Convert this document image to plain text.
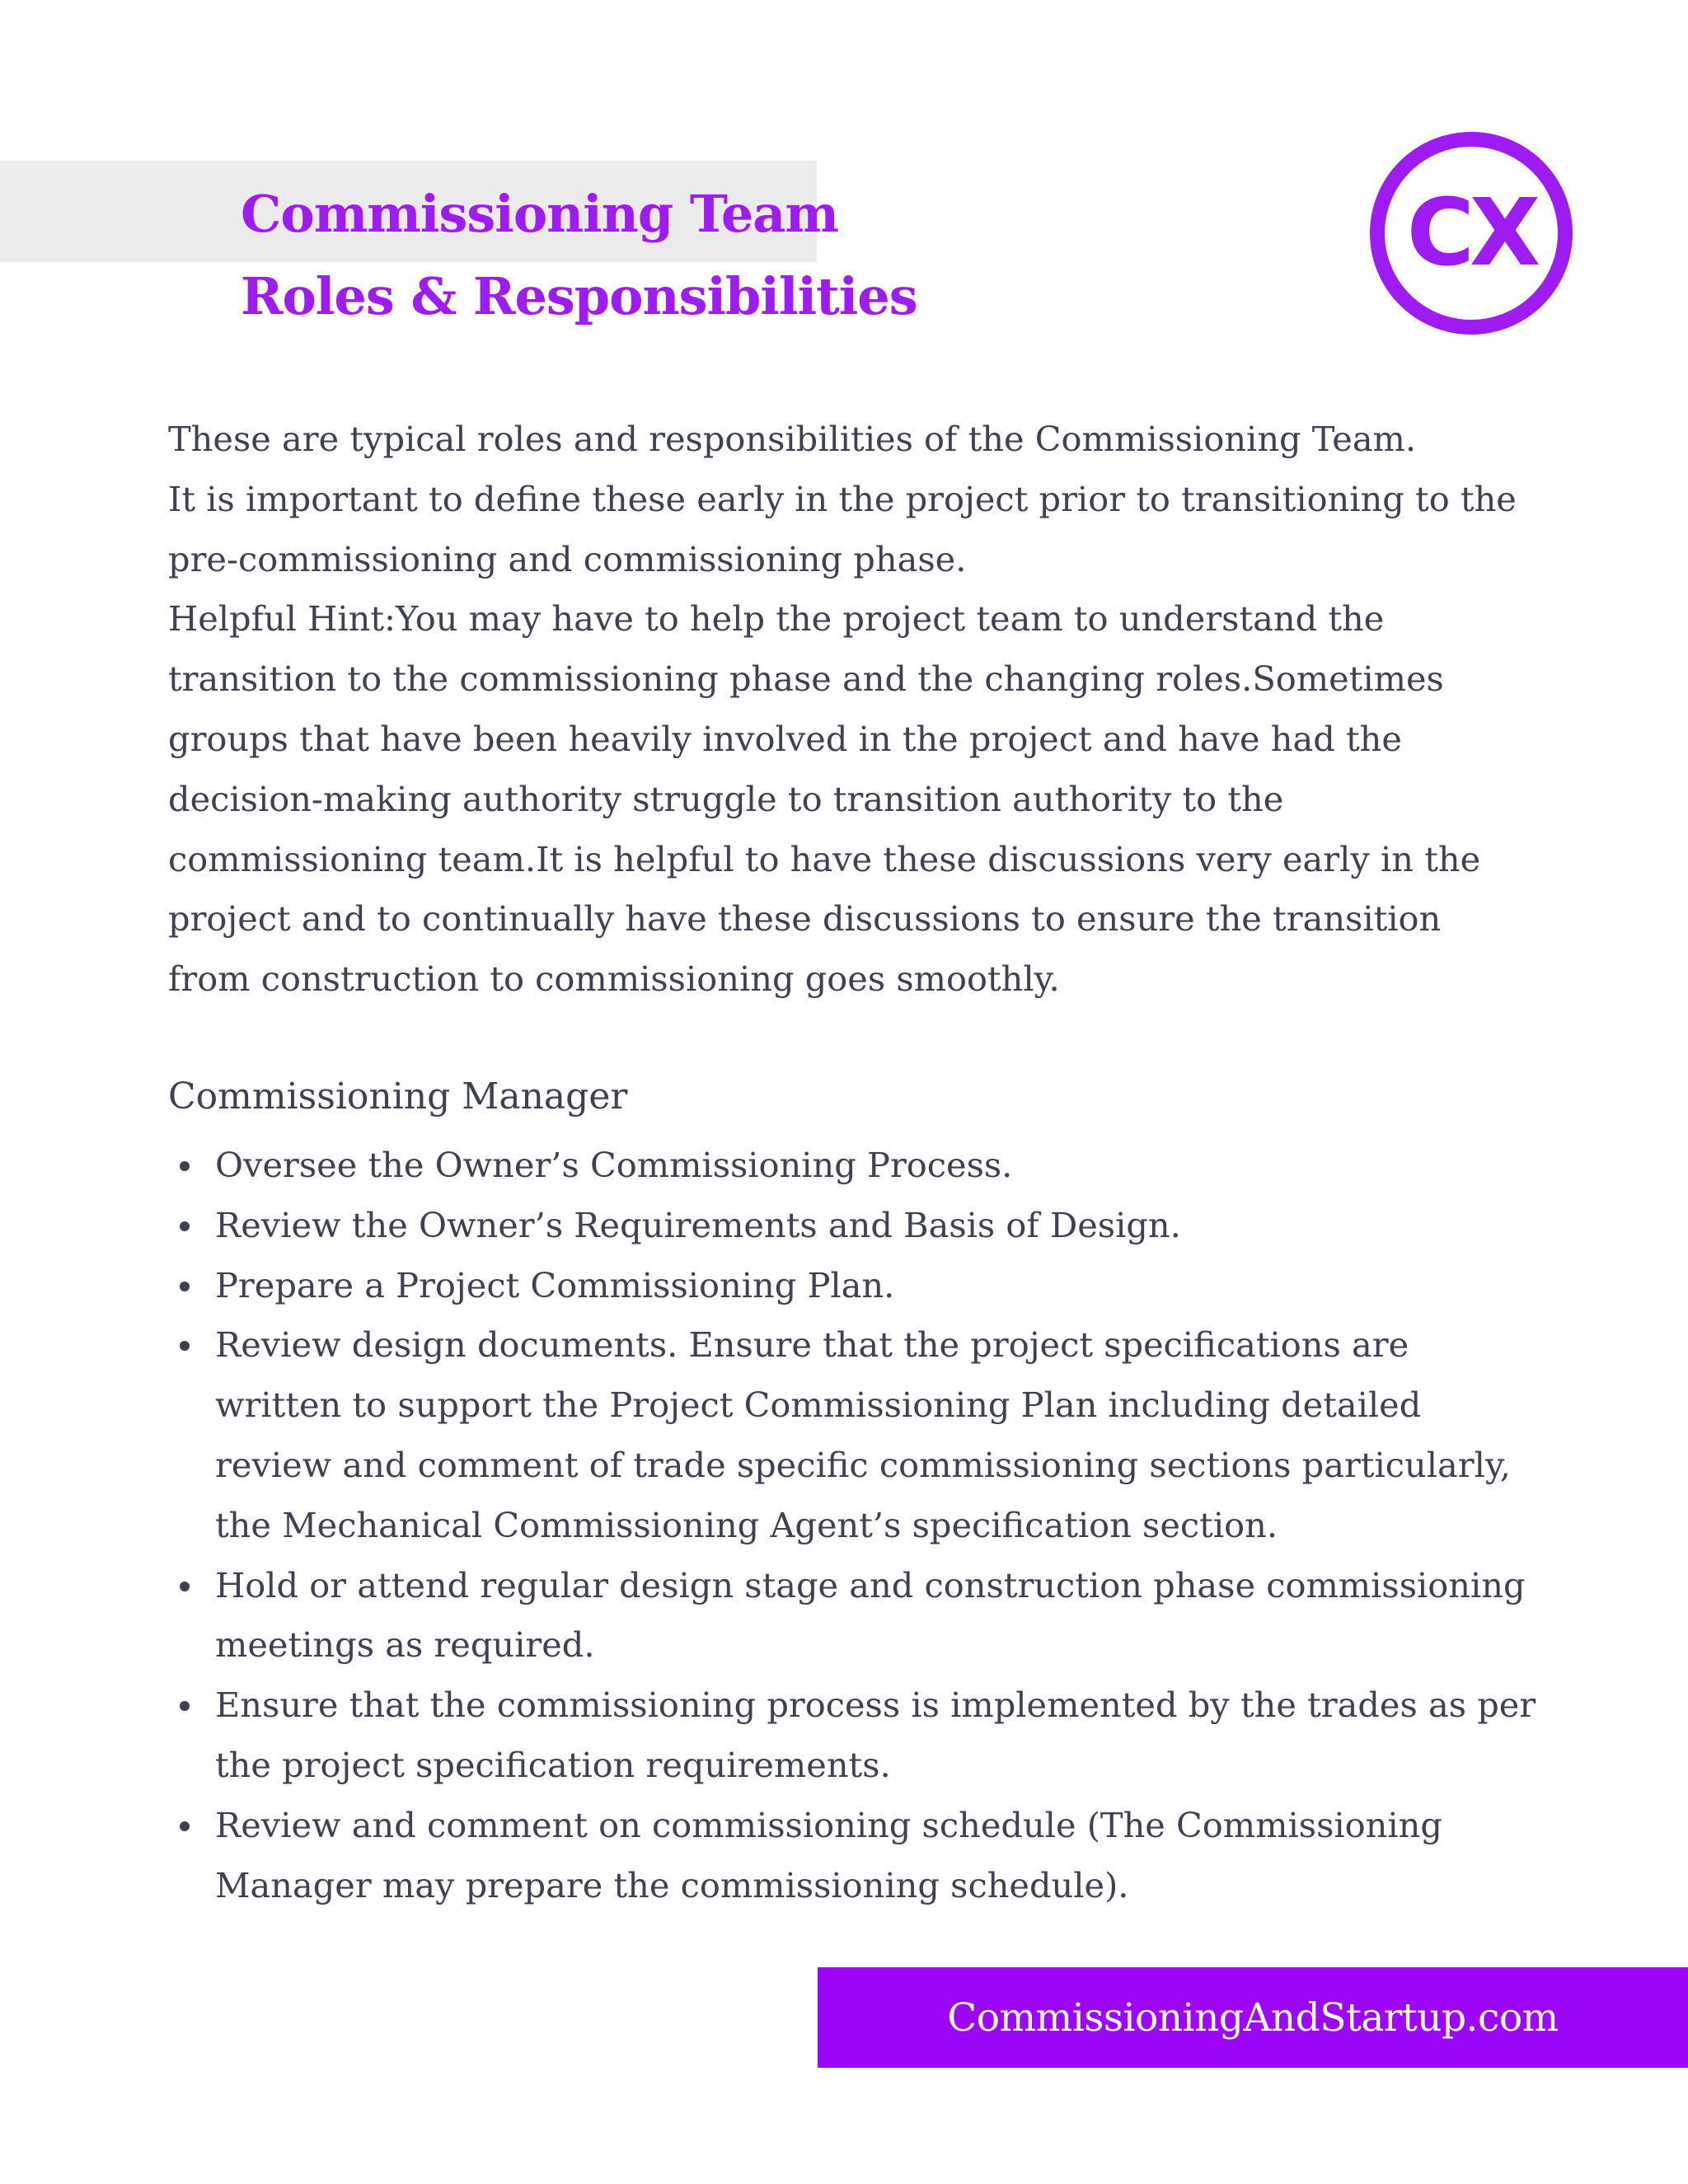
Commissioning Team
Roles & Responsibilities
CX
These are typical roles and responsibilities of the Commissioning Team.
It is important to define these early in the project prior to transitioning to the
pre-commissioning and commissioning phase.
Helpful Hint:You may have to help the project team to understand the
transition to the commissioning phase and the changing roles.Sometimes
groups that have been heavily involved in the project and have had the
decision-making authority struggle to transition authority to the
commissioning team.It is helpful to have these discussions very early in the
project and to continually have these discussions to ensure the transition
from construction to commissioning goes smoothly.
Commissioning Manager
Oversee the Owner’s Commissioning Process.
Review the Owner’s Requirements and Basis of Design.
Prepare a Project Commissioning Plan.
Review design documents. Ensure that the project specifications are
written to support the Project Commissioning Plan including detailed
review and comment of trade specific commissioning sections particularly,
the Mechanical Commissioning Agent’s specification section.
Hold or attend regular design stage and construction phase commissioning
meetings as required.
Ensure that the commissioning process is implemented by the trades as per
the project specification requirements.
Review and comment on commissioning schedule (The Commissioning
Manager may prepare the commissioning schedule).
CommissioningAndStartup.com
